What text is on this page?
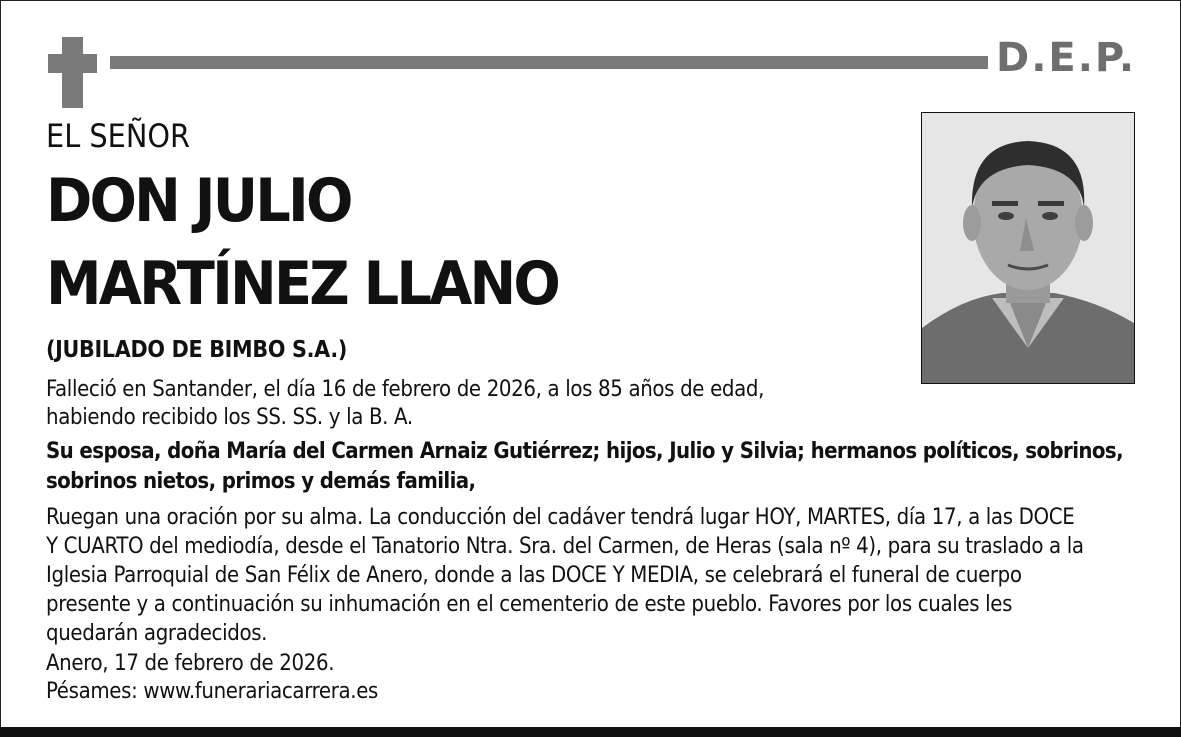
D.E.P.
EL SEÑOR
DON JULIO
MARTÍNEZ LLANO
(JUBILADO DE BIMBO S.A.)
Falleció en Santander, el día 16 de febrero de 2026, a los 85 años de edad,
habiendo recibido los SS. SS. y la B. A.
Su esposa, doña María del Carmen Arnaiz Gutiérrez; hijos, Julio y Silvia; hermanos políticos, sobrinos,
sobrinos nietos, primos y demás familia,
Ruegan una oración por su alma. La conducción del cadáver tendrá lugar HOY, MARTES, día 17, a las DOCE
Y CUARTO del mediodía, desde el Tanatorio Ntra. Sra. del Carmen, de Heras (sala nº 4), para su traslado a la
Iglesia Parroquial de San Félix de Anero, donde a las DOCE Y MEDIA, se celebrará el funeral de cuerpo
presente y a continuación su inhumación en el cementerio de este pueblo. Favores por los cuales les
quedarán agradecidos.
Anero, 17 de febrero de 2026.
Pésames: www.funerariacarrera.es
